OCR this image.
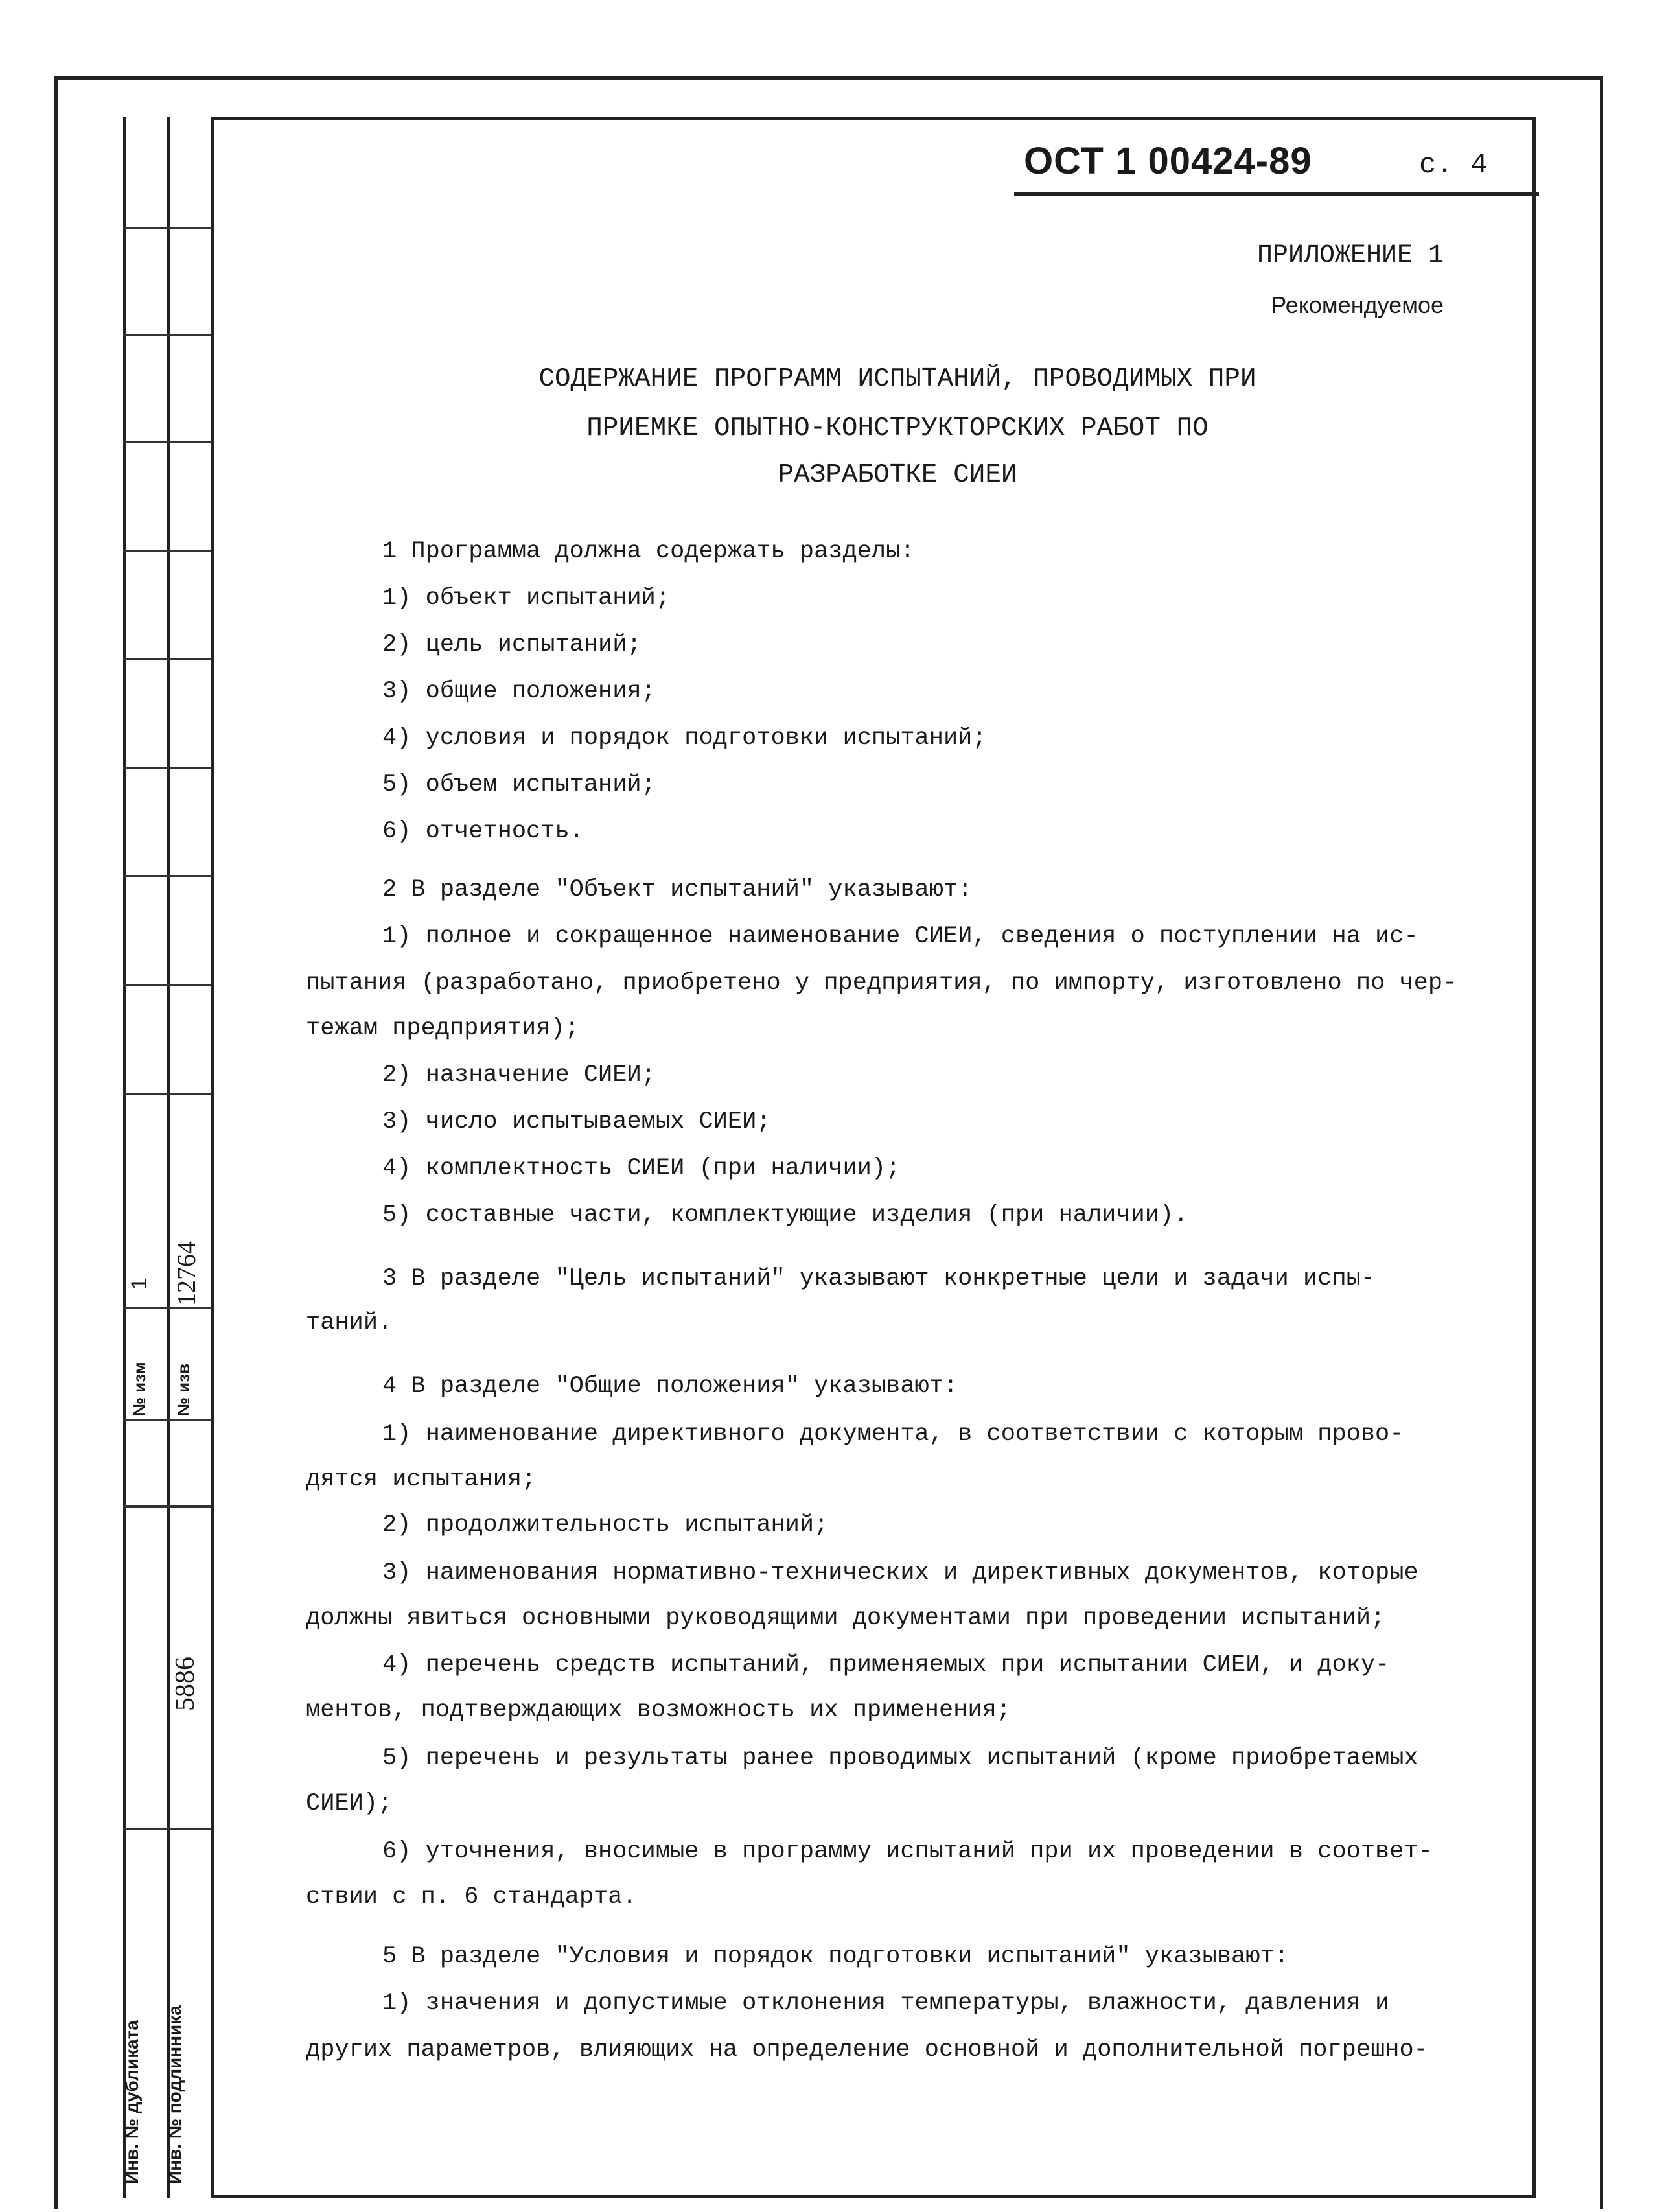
1 12764
№ изм № изв
5886
Инв. № дубликата Инв. № подлинника
ОСТ 1 00424-89	с. 4
ПРИЛОЖЕНИЕ 1
Рекомендуемое
СОДЕРЖАНИЕ ПРОГРАММ ИСПЫТАНИЙ, ПРОВОДИМЫХ ПРИ
ПРИЕМКЕ ОПЫТНО-КОНСТРУКТОРСКИХ РАБОТ ПО
РАЗРАБОТКЕ СИЕИ
1 Программа должна содержать разделы:
1) объект испытаний;
2) цель испытаний;
3) общие положения;
4) условия и порядок подготовки испытаний;
5) объем испытаний;
6) отчетность.
2 В разделе "Объект испытаний" указывают:
1) полное и сокращенное наименование СИЕИ, сведения о поступлении на ис-
пытания (разработано, приобретено у предприятия, по импорту, изготовлено по чер-
тежам предприятия);
2) назначение СИЕИ;
3) число испытываемых СИЕИ;
4) комплектность СИЕИ (при наличии);
5) составные части, комплектующие изделия (при наличии).
3 В разделе "Цель испытаний" указывают конкретные цели и задачи испы-
таний.
4 В разделе "Общие положения" указывают:
1) наименование директивного документа, в соответствии с которым прово-
дятся испытания;
2) продолжительность испытаний;
3) наименования нормативно-технических и директивных документов, которые
должны явиться основными руководящими документами при проведении испытаний;
4) перечень средств испытаний, применяемых при испытании СИЕИ, и доку-
ментов, подтверждающих возможность их применения;
5) перечень и результаты ранее проводимых испытаний (кроме приобретаемых
СИЕИ);
6) уточнения, вносимые в программу испытаний при их проведении в соответ-
ствии с п. 6 стандарта.
5 В разделе "Условия и порядок подготовки испытаний" указывают:
1) значения и допустимые отклонения температуры, влажности, давления и
других параметров, влияющих на определение основной и дополнительной погрешно-
